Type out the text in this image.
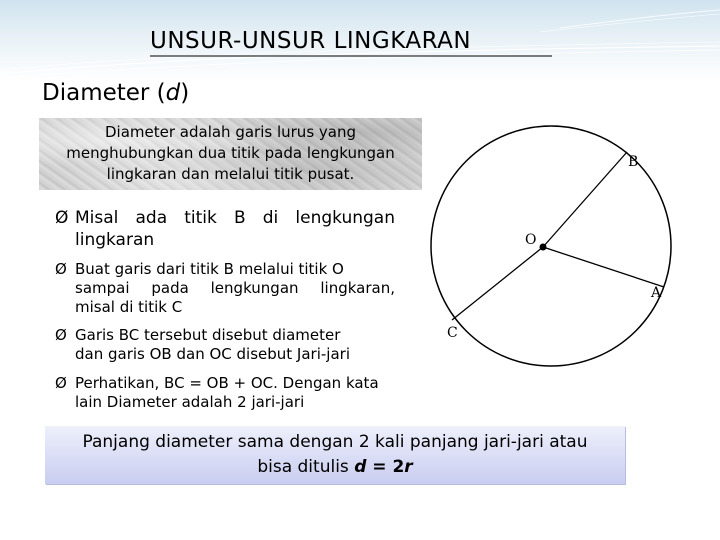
UNSUR-UNSUR LINGKARAN
Diameter (d)
Diameter adalah garis lurus yang
menghubungkan dua titik pada lengkungan
lingkaran dan melalui titik pusat.
Ø Misal ada titik B di lengkungan
lingkaran
Ø Buat garis dari titik B melalui titik O
sampai pada lengkungan lingkaran,
misal di titik C
Ø Garis BC tersebut disebut diameter
dan garis OB dan OC disebut Jari-jari
Ø Perhatikan, BC = OB + OC. Dengan kata
lain Diameter adalah 2 jari-jari
B
O
A
C
Panjang diameter sama dengan 2 kali panjang jari-jari atau
bisa ditulis d = 2r
